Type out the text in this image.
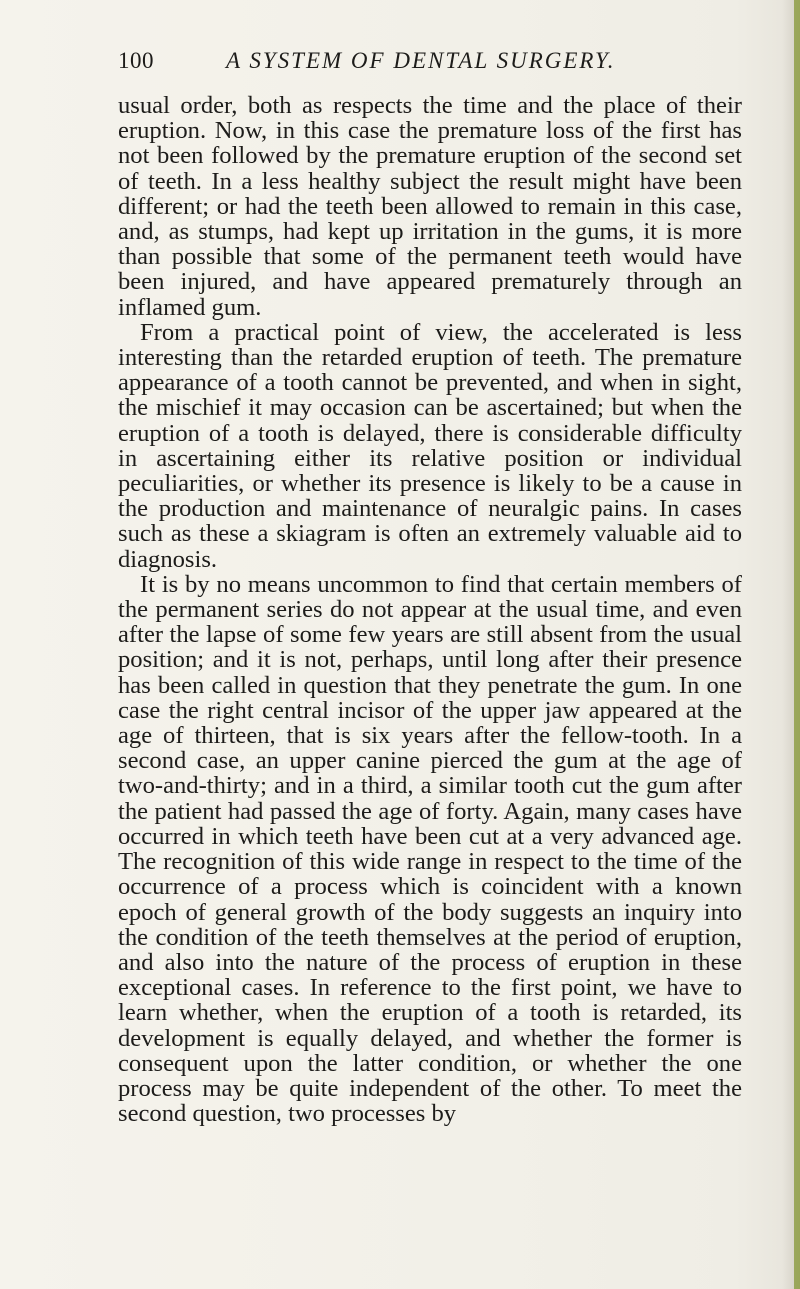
100	A SYSTEM OF DENTAL SURGERY.

usual order, both as respects the time and the place of their eruption. Now, in this case the premature loss of the first has not been followed by the premature eruption of the second set of teeth. In a less healthy subject the result might have been different; or had the teeth been allowed to remain in this case, and, as stumps, had kept up irritation in the gums, it is more than possible that some of the permanent teeth would have been injured, and have appeared prematurely through an inflamed gum.

From a practical point of view, the accelerated is less interesting than the retarded eruption of teeth. The premature appearance of a tooth cannot be prevented, and when in sight, the mischief it may occasion can be ascertained; but when the eruption of a tooth is delayed, there is considerable difficulty in ascertaining either its relative position or individual peculiarities, or whether its presence is likely to be a cause in the production and maintenance of neuralgic pains. In cases such as these a skiagram is often an extremely valuable aid to diagnosis.

It is by no means uncommon to find that certain members of the permanent series do not appear at the usual time, and even after the lapse of some few years are still absent from the usual position; and it is not, perhaps, until long after their presence has been called in question that they penetrate the gum. In one case the right central incisor of the upper jaw appeared at the age of thirteen, that is six years after the fellow-tooth. In a second case, an upper canine pierced the gum at the age of two-and-thirty; and in a third, a similar tooth cut the gum after the patient had passed the age of forty. Again, many cases have occurred in which teeth have been cut at a very advanced age. The recognition of this wide range in respect to the time of the occurrence of a process which is coincident with a known epoch of general growth of the body suggests an inquiry into the condition of the teeth themselves at the period of eruption, and also into the nature of the process of eruption in these exceptional cases. In reference to the first point, we have to learn whether, when the eruption of a tooth is retarded, its development is equally delayed, and whether the former is consequent upon the latter condition, or whether the one process may be quite independent of the other. To meet the second question, two processes by
